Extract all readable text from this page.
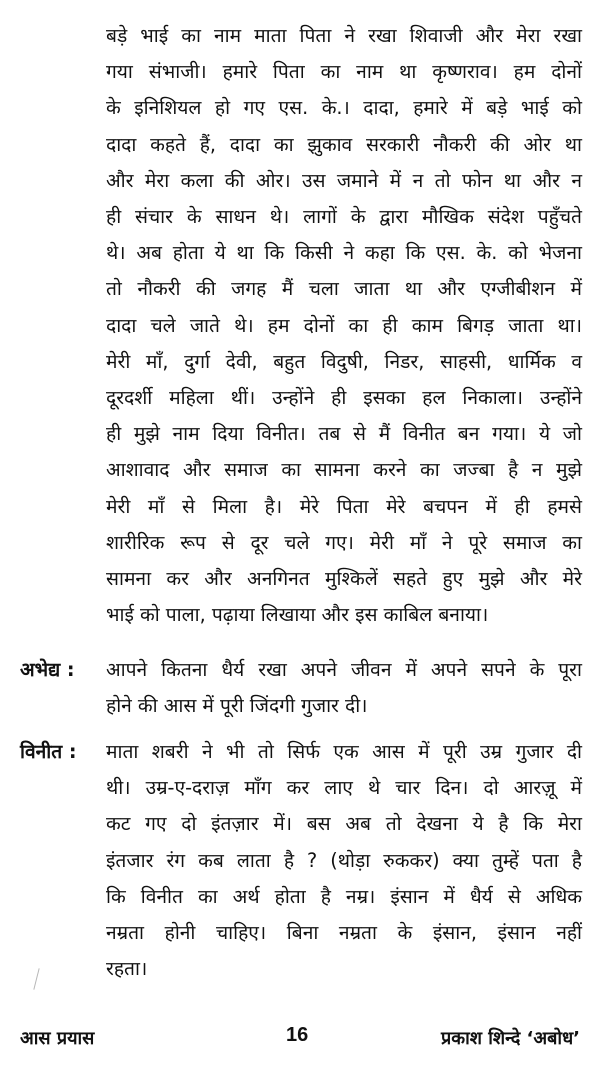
बड़े भाई का नाम माता पिता ने रखा शिवाजी और मेरा रखा
गया संभाजी। हमारे पिता का नाम था कृष्णराव। हम दोनों
के इनिशियल हो गए एस. के.। दादा, हमारे में बड़े भाई को
दादा कहते हैं, दादा का झुकाव सरकारी नौकरी की ओर था
और मेरा कला की ओर। उस जमाने में न तो फोन था और न
ही संचार के साधन थे। लागों के द्वारा मौखिक संदेश पहुँचते
थे। अब होता ये था कि किसी ने कहा कि एस. के. को भेजना
तो नौकरी की जगह मैं चला जाता था और एग्जीबीशन में
दादा चले जाते थे। हम दोनों का ही काम बिगड़ जाता था।
मेरी माँ, दुर्गा देवी, बहुत विदुषी, निडर, साहसी, धार्मिक व
दूरदर्शी महिला थीं। उन्होंने ही इसका हल निकाला। उन्होंने
ही मुझे नाम दिया विनीत। तब से मैं विनीत बन गया। ये जो
आशावाद और समाज का सामना करने का जज्बा है न मुझे
मेरी माँ से मिला है। मेरे पिता मेरे बचपन में ही हमसे
शारीरिक रूप से दूर चले गए। मेरी माँ ने पूरे समाज का
सामना कर और अनगिनत मुश्किलें सहते हुए मुझे और मेरे
भाई को पाला, पढ़ाया लिखाया और इस काबिल बनाया।
अभेद्य : आपने कितना धैर्य रखा अपने जीवन में अपने सपने के पूरा
होने की आस में पूरी जिंदगी गुजार दी।
विनीत : माता शबरी ने भी तो सिर्फ एक आस में पूरी उम्र गुजार दी
थी। उम्र-ए-दराज़ माँग कर लाए थे चार दिन। दो आरज़ू में
कट गए दो इंतज़ार में। बस अब तो देखना ये है कि मेरा
इंतजार रंग कब लाता है ? (थोड़ा रुककर) क्या तुम्हें पता है
कि विनीत का अर्थ होता है नम्र। इंसान में धैर्य से अधिक
नम्रता होनी चाहिए। बिना नम्रता के इंसान, इंसान नहीं
रहता।
आस प्रयास	16	प्रकाश शिन्दे ‘अबोध’
